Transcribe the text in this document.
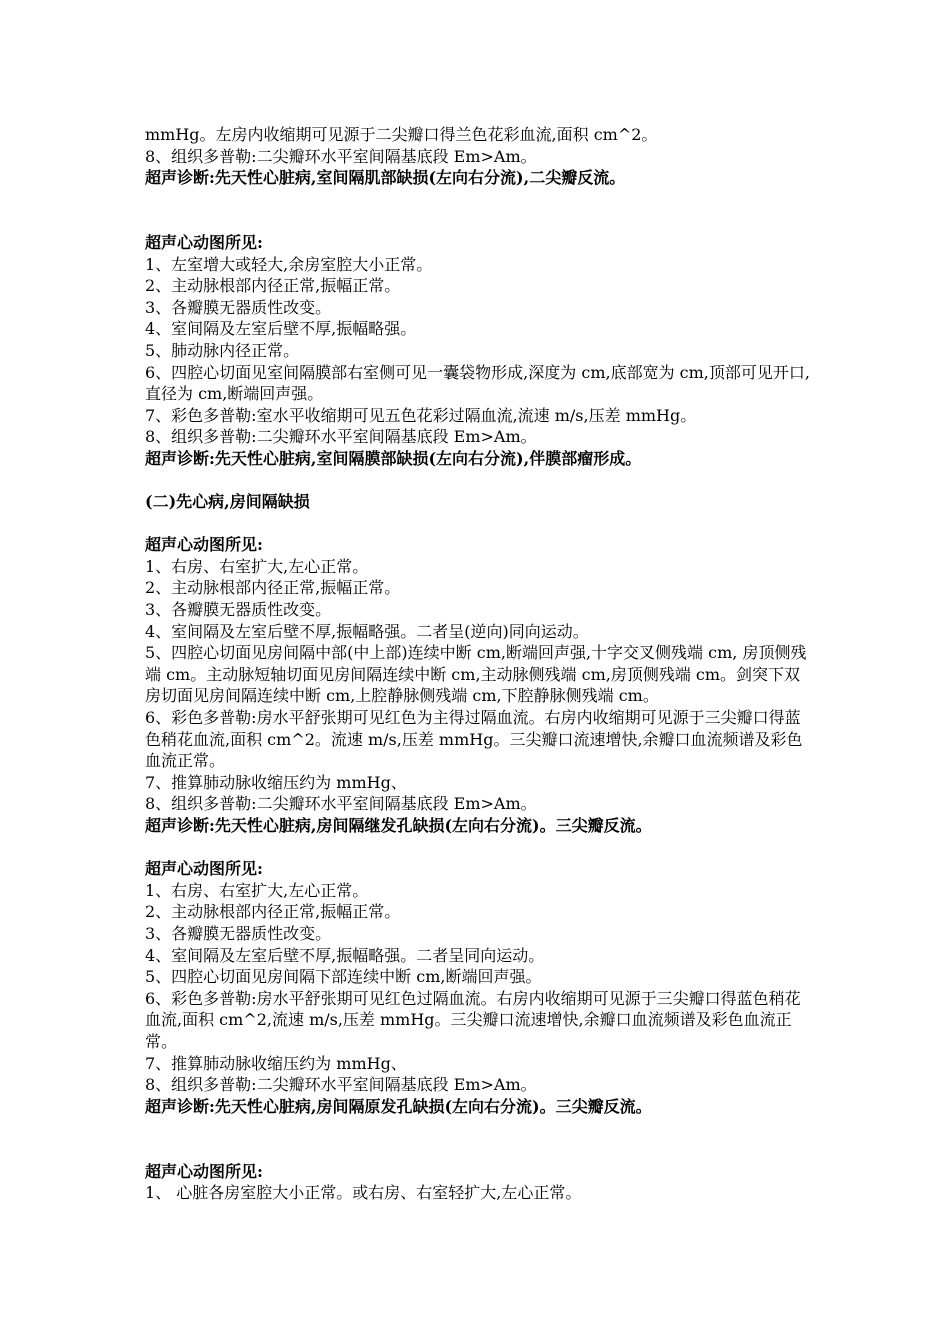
mmHg。左房内收缩期可见源于二尖瓣口得兰色花彩血流,面积 cm^2。
8、组织多普勒:二尖瓣环水平室间隔基底段 Em>Am。
超声诊断:先天性心脏病,室间隔肌部缺损(左向右分流),二尖瓣反流。
超声心动图所见:
1、左室增大或轻大,余房室腔大小正常。
2、主动脉根部内径正常,振幅正常。
3、各瓣膜无器质性改变。
4、室间隔及左室后壁不厚,振幅略强。
5、肺动脉内径正常。
6、四腔心切面见室间隔膜部右室侧可见一囊袋物形成,深度为 cm,底部宽为 cm,顶部可见开口,直径为 cm,断端回声强。
7、彩色多普勒:室水平收缩期可见五色花彩过隔血流,流速 m/s,压差 mmHg。
8、组织多普勒:二尖瓣环水平室间隔基底段 Em>Am。
超声诊断:先天性心脏病,室间隔膜部缺损(左向右分流),伴膜部瘤形成。
(二)先心病,房间隔缺损
超声心动图所见:
1、右房、右室扩大,左心正常。
2、主动脉根部内径正常,振幅正常。
3、各瓣膜无器质性改变。
4、室间隔及左室后壁不厚,振幅略强。二者呈(逆向)同向运动。
5、四腔心切面见房间隔中部(中上部)连续中断 cm,断端回声强,十字交叉侧残端 cm, 房顶侧残端 cm。主动脉短轴切面见房间隔连续中断 cm,主动脉侧残端 cm,房顶侧残端 cm。剑突下双房切面见房间隔连续中断 cm,上腔静脉侧残端 cm,下腔静脉侧残端 cm。
6、彩色多普勒:房水平舒张期可见红色为主得过隔血流。右房内收缩期可见源于三尖瓣口得蓝色稍花血流,面积 cm^2。流速 m/s,压差 mmHg。三尖瓣口流速增快,余瓣口血流频谱及彩色血流正常。
7、推算肺动脉收缩压约为 mmHg、
8、组织多普勒:二尖瓣环水平室间隔基底段 Em>Am。
超声诊断:先天性心脏病,房间隔继发孔缺损(左向右分流)。三尖瓣反流。
超声心动图所见:
1、右房、右室扩大,左心正常。
2、主动脉根部内径正常,振幅正常。
3、各瓣膜无器质性改变。
4、室间隔及左室后壁不厚,振幅略强。二者呈同向运动。
5、四腔心切面见房间隔下部连续中断 cm,断端回声强。
6、彩色多普勒:房水平舒张期可见红色过隔血流。右房内收缩期可见源于三尖瓣口得蓝色稍花血流,面积 cm^2,流速 m/s,压差 mmHg。三尖瓣口流速增快,余瓣口血流频谱及彩色血流正常。
7、推算肺动脉收缩压约为 mmHg、
8、组织多普勒:二尖瓣环水平室间隔基底段 Em>Am。
超声诊断:先天性心脏病,房间隔原发孔缺损(左向右分流)。三尖瓣反流。
超声心动图所见:
1、 心脏各房室腔大小正常。或右房、右室轻扩大,左心正常。
